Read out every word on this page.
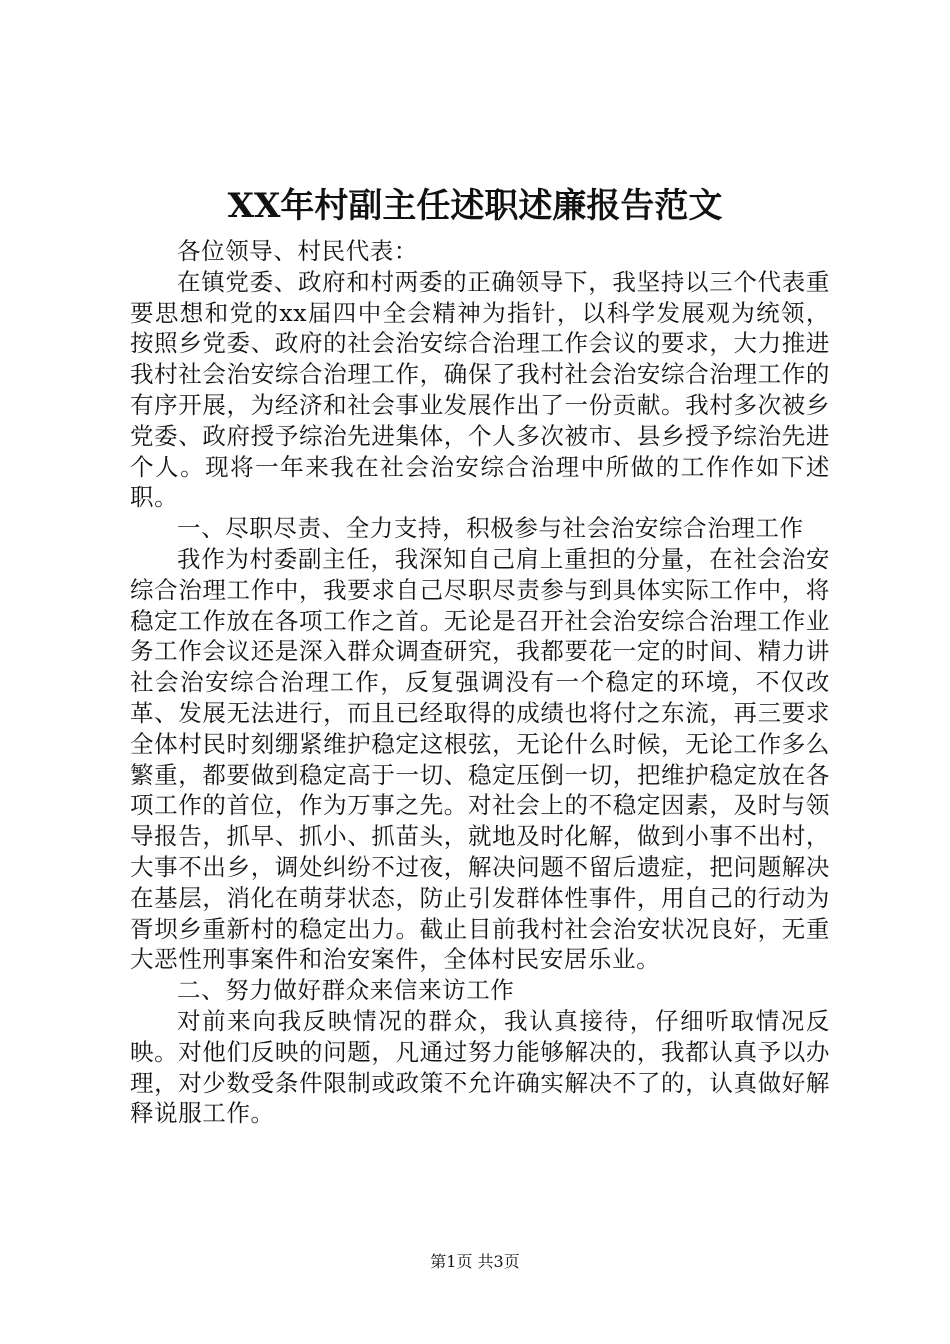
XX年村副主任述职述廉报告范文

各位领导、村民代表：

在镇党委、政府和村两委的正确领导下，我坚持以三个代表重要思想和党的xx届四中全会精神为指针，以科学发展观为统领，按照乡党委、政府的社会治安综合治理工作会议的要求，大力推进我村社会治安综合治理工作，确保了我村社会治安综合治理工作的有序开展，为经济和社会事业发展作出了一份贡献。我村多次被乡党委、政府授予综治先进集体，个人多次被市、县乡授予综治先进个人。现将一年来我在社会治安综合治理中所做的工作作如下述职。

一、尽职尽责、全力支持，积极参与社会治安综合治理工作

我作为村委副主任，我深知自己肩上重担的分量，在社会治安综合治理工作中，我要求自己尽职尽责参与到具体实际工作中，将稳定工作放在各项工作之首。无论是召开社会治安综合治理工作业务工作会议还是深入群众调查研究，我都要花一定的时间、精力讲社会治安综合治理工作，反复强调没有一个稳定的环境，不仅改革、发展无法进行，而且已经取得的成绩也将付之东流，再三要求全体村民时刻绷紧维护稳定这根弦，无论什么时候，无论工作多么繁重，都要做到稳定高于一切、稳定压倒一切，把维护稳定放在各项工作的首位，作为万事之先。对社会上的不稳定因素，及时与领导报告，抓早、抓小、抓苗头，就地及时化解，做到小事不出村，大事不出乡，调处纠纷不过夜，解决问题不留后遗症，把问题解决在基层，消化在萌芽状态，防止引发群体性事件，用自己的行动为胥坝乡重新村的稳定出力。截止目前我村社会治安状况良好，无重大恶性刑事案件和治安案件，全体村民安居乐业。

二、努力做好群众来信来访工作

对前来向我反映情况的群众，我认真接待，仔细听取情况反映。对他们反映的问题，凡通过努力能够解决的，我都认真予以办理，对少数受条件限制或政策不允许确实解决不了的，认真做好解释说服工作。

第1页 共3页
